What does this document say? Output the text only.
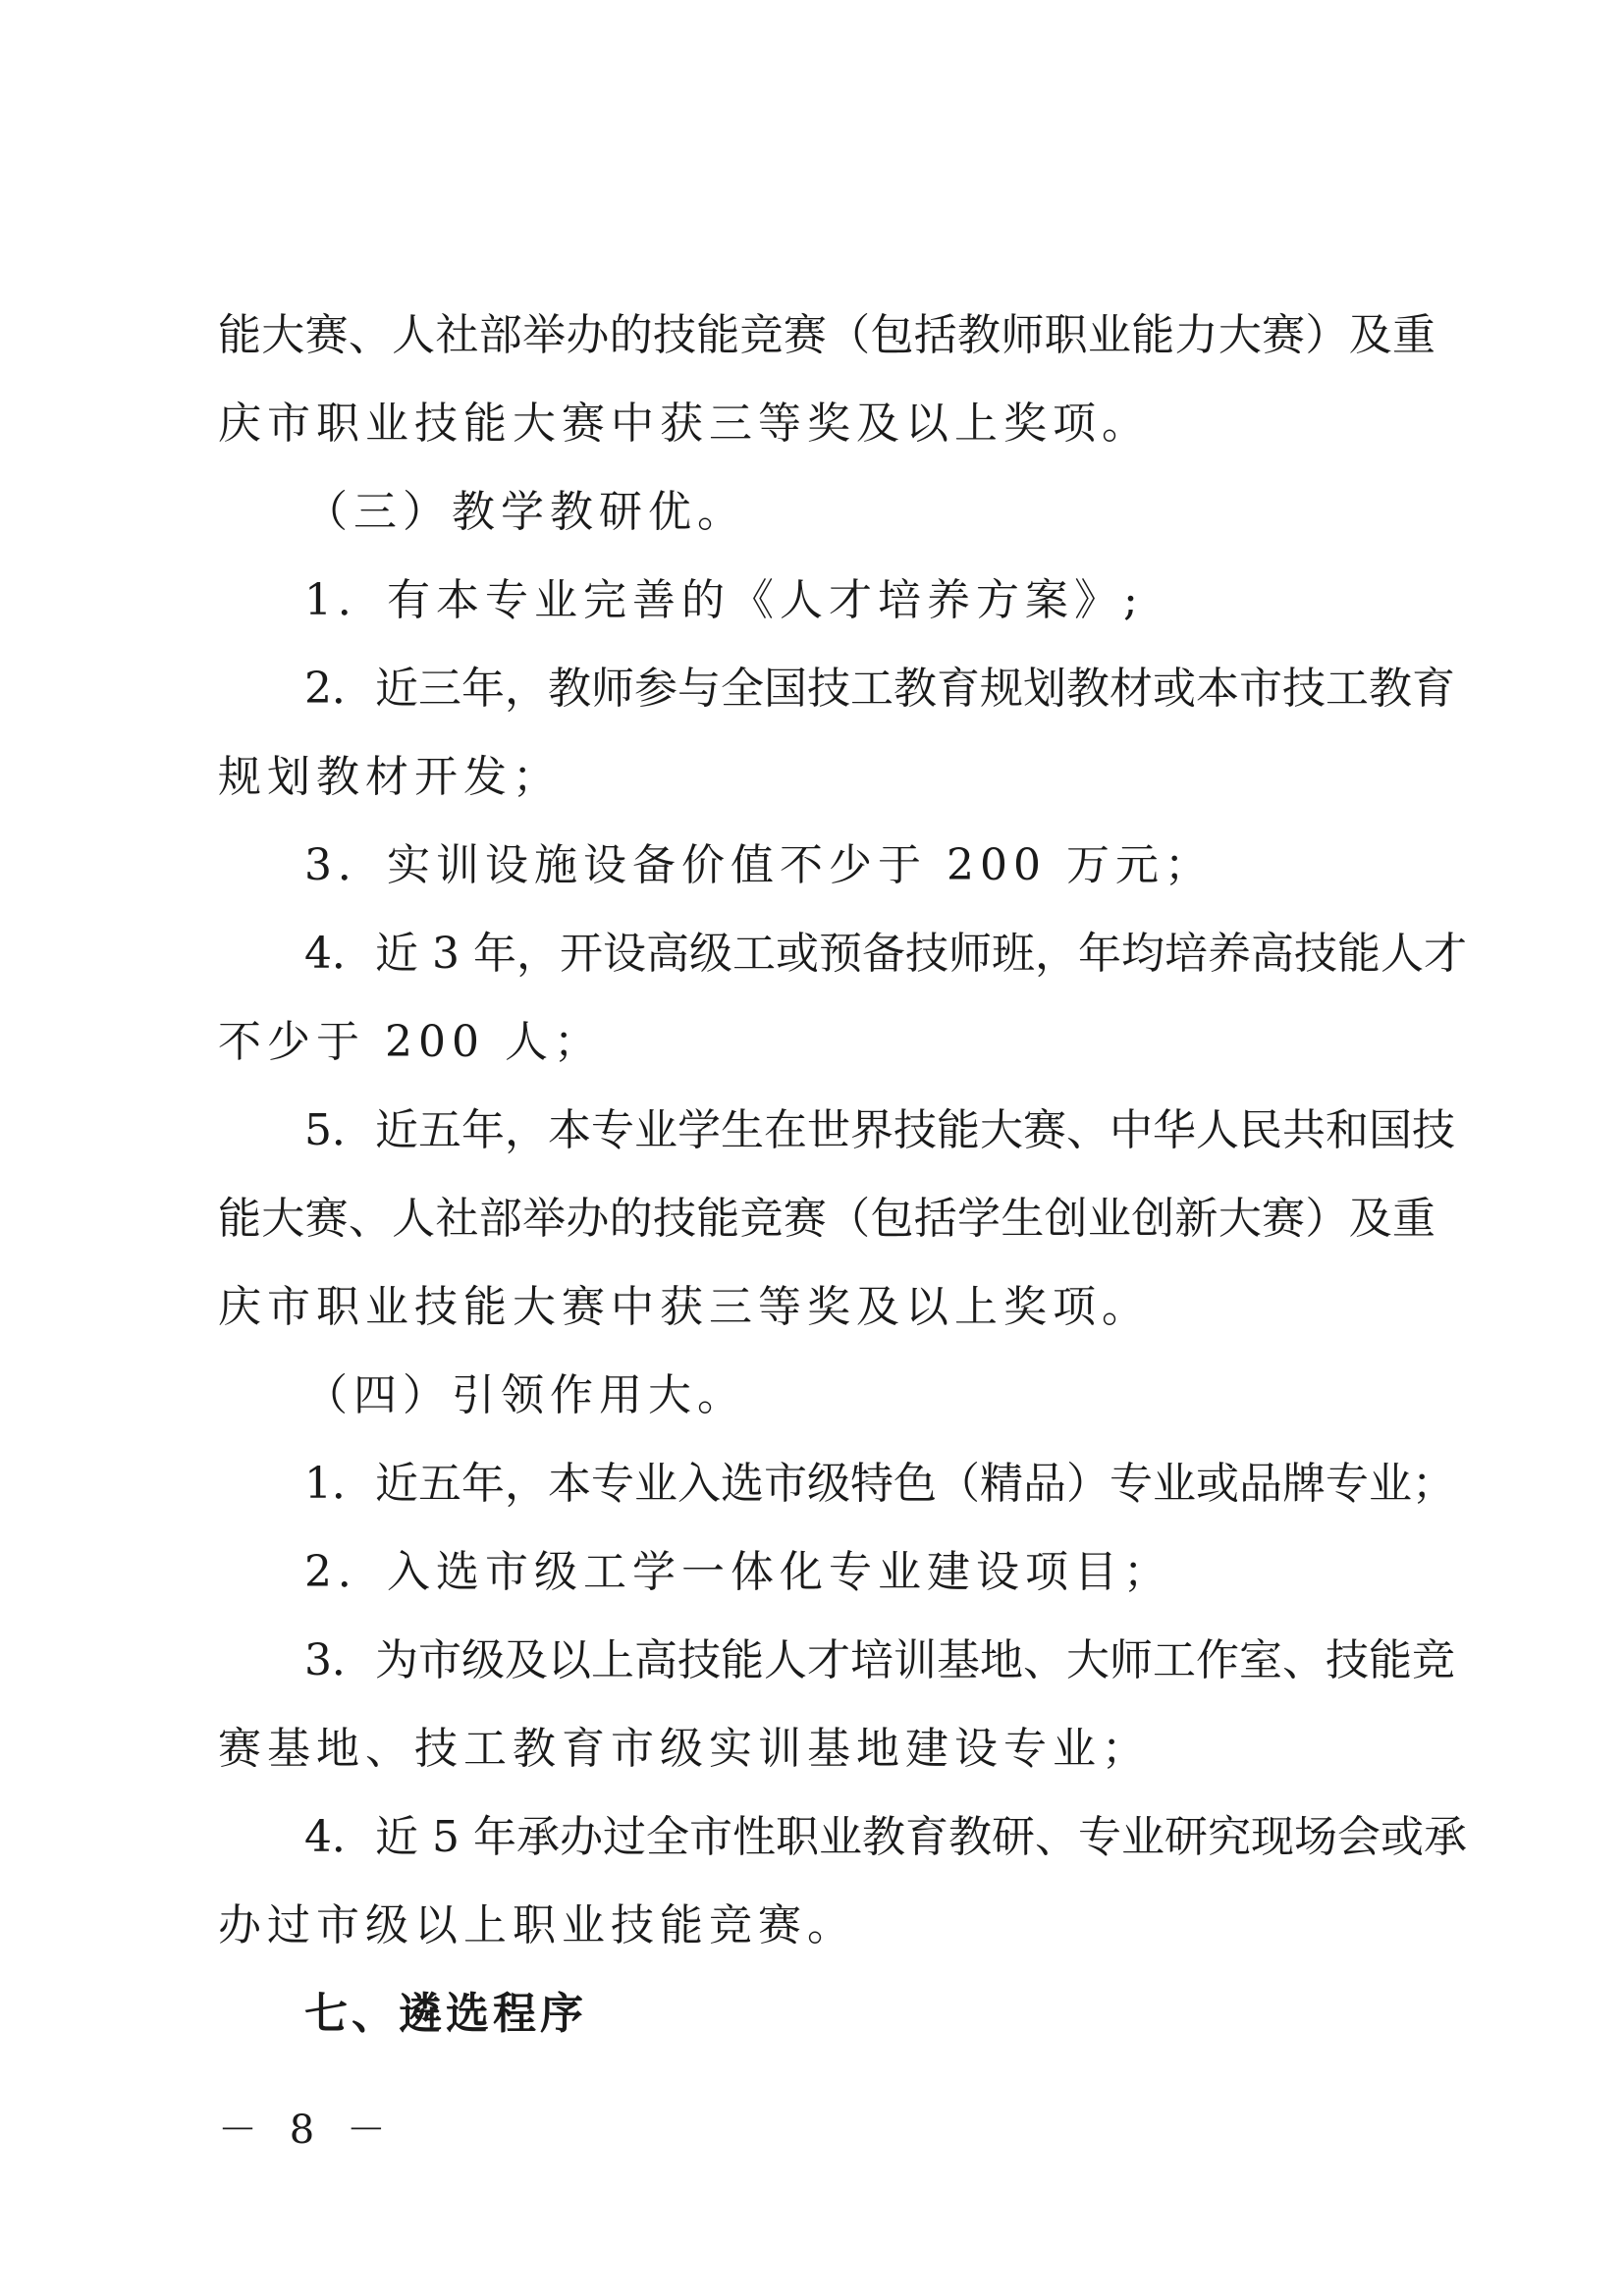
能大赛、人社部举办的技能竞赛（包括教师职业能力大赛）及重
庆市职业技能大赛中获三等奖及以上奖项。
（三）教学教研优。
1．有本专业完善的《人才培养方案》;
2．近三年，教师参与全国技工教育规划教材或本市技工教育
规划教材开发；
3．实训设施设备价值不少于 200 万元；
4．近 3 年，开设高级工或预备技师班，年均培养高技能人才
不少于 200 人；
5．近五年，本专业学生在世界技能大赛、中华人民共和国技
能大赛、人社部举办的技能竞赛（包括学生创业创新大赛）及重
庆市职业技能大赛中获三等奖及以上奖项。
（四）引领作用大。
1．近五年，本专业入选市级特色（精品）专业或品牌专业；
2．入选市级工学一体化专业建设项目；
3．为市级及以上高技能人才培训基地、大师工作室、技能竞
赛基地、技工教育市级实训基地建设专业；
4．近 5 年承办过全市性职业教育教研、专业研究现场会或承
办过市级以上职业技能竞赛。
七、遴选程序
－ 8 －
